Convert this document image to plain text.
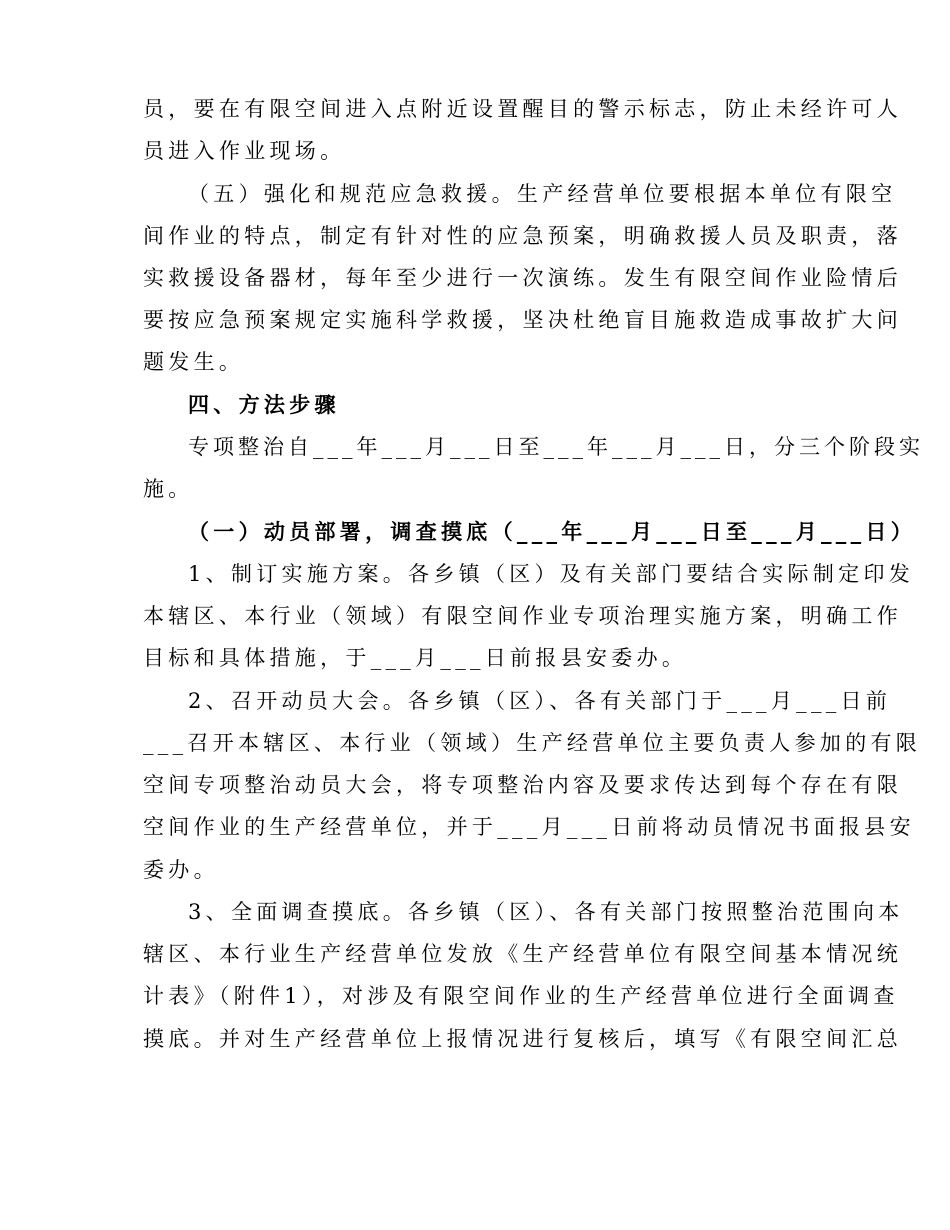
员，要在有限空间进入点附近设置醒目的警示标志，防止未经许可人
员进入作业现场。
（五）强化和规范应急救援。生产经营单位要根据本单位有限空
间作业的特点，制定有针对性的应急预案，明确救援人员及职责，落
实救援设备器材，每年至少进行一次演练。发生有限空间作业险情后
要按应急预案规定实施科学救援，坚决杜绝盲目施救造成事故扩大问
题发生。
四、方法步骤
专项整治自___年___月___日至___年___月___日，分三个阶段实
施。
（一）动员部署，调查摸底（___年___月___日至___月___日）
1、制订实施方案。各乡镇（区）及有关部门要结合实际制定印发
本辖区、本行业（领域）有限空间作业专项治理实施方案，明确工作
目标和具体措施，于___月___日前报县安委办。
2、召开动员大会。各乡镇（区）、各有关部门于___月___日前
___召开本辖区、本行业（领域）生产经营单位主要负责人参加的有限
空间专项整治动员大会，将专项整治内容及要求传达到每个存在有限
空间作业的生产经营单位，并于___月___日前将动员情况书面报县安
委办。
3、全面调查摸底。各乡镇（区）、各有关部门按照整治范围向本
辖区、本行业生产经营单位发放《生产经营单位有限空间基本情况统
计表》（附件1），对涉及有限空间作业的生产经营单位进行全面调查
摸底。并对生产经营单位上报情况进行复核后，填写《有限空间汇总
